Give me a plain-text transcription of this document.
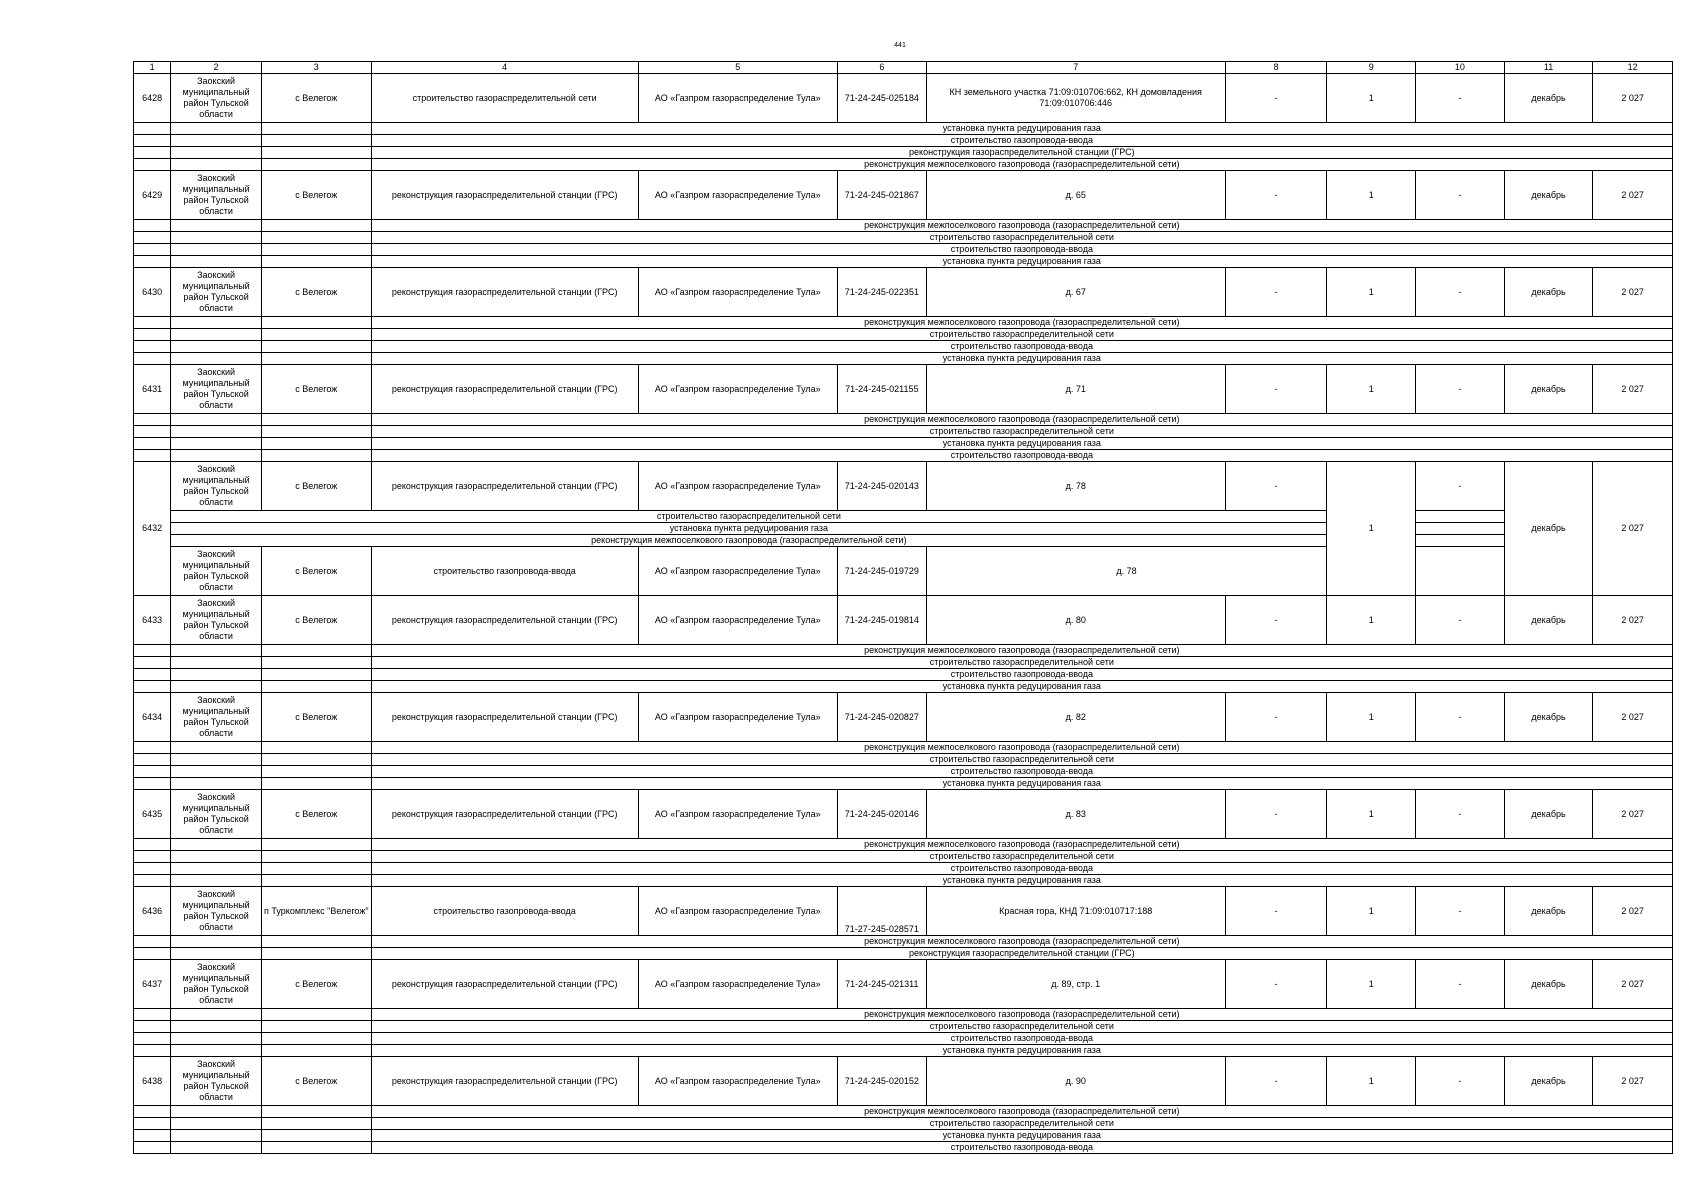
441
1	2	3	4	5	6	7	8	9	10	11	12
6428	Заокский муниципальный район Тульской области	с Велегож	строительство газораспределительной сети	АО «Газпром газораспределение Тула»	71-24-245-025184	КН земельного участка 71:09:010706:662, КН домовладения 71:09:010706:446	-	1	-	декабрь	2 027
			установка пункта редуцирования газа								
			строительство газопровода-ввода								
			реконструкция газораспределительной станции (ГРС)								
			реконструкция межпоселкового газопровода (газораспределительной сети)								
6429	Заокский муниципальный район Тульской области	с Велегож	реконструкция газораспределительной станции (ГРС)	АО «Газпром газораспределение Тула»	71-24-245-021867	д. 65	-	1	-	декабрь	2 027
			реконструкция межпоселкового газопровода (газораспределительной сети)								
			строительство газораспределительной сети								
			строительство газопровода-ввода								
			установка пункта редуцирования газа								
6430	Заокский муниципальный район Тульской области	с Велегож	реконструкция газораспределительной станции (ГРС)	АО «Газпром газораспределение Тула»	71-24-245-022351	д. 67	-	1	-	декабрь	2 027
			реконструкция межпоселкового газопровода (газораспределительной сети)								
			строительство газораспределительной сети								
			строительство газопровода-ввода								
			установка пункта редуцирования газа								
6431	Заокский муниципальный район Тульской области	с Велегож	реконструкция газораспределительной станции (ГРС)	АО «Газпром газораспределение Тула»	71-24-245-021155	д. 71	-	1	-	декабрь	2 027
			реконструкция межпоселкового газопровода (газораспределительной сети)								
			строительство газораспределительной сети								
			установка пункта редуцирования газа								
			строительство газопровода-ввода								
6432	Заокский муниципальный район Тульской области	с Велегож	реконструкция газораспределительной станции (ГРС)	АО «Газпром газораспределение Тула»	71-24-245-020143	д. 78	-	1	-	декабрь	2 027
	строительство газораспределительной сети										
	установка пункта редуцирования газа										
	реконструкция межпоселкового газопровода (газораспределительной сети)										
	Заокский муниципальный район Тульской области	с Велегож	строительство газопровода-ввода	АО «Газпром газораспределение Тула»	71-24-245-019729	д. 78					
6433	Заокский муниципальный район Тульской области	с Велегож	реконструкция газораспределительной станции (ГРС)	АО «Газпром газораспределение Тула»	71-24-245-019814	д. 80	-	1	-	декабрь	2 027
			реконструкция межпоселкового газопровода (газораспределительной сети)								
			строительство газораспределительной сети								
			строительство газопровода-ввода								
			установка пункта редуцирования газа								
6434	Заокский муниципальный район Тульской области	с Велегож	реконструкция газораспределительной станции (ГРС)	АО «Газпром газораспределение Тула»	71-24-245-020827	д. 82	-	1	-	декабрь	2 027
			реконструкция межпоселкового газопровода (газораспределительной сети)								
			строительство газораспределительной сети								
			строительство газопровода-ввода								
			установка пункта редуцирования газа								
6435	Заокский муниципальный район Тульской области	с Велегож	реконструкция газораспределительной станции (ГРС)	АО «Газпром газораспределение Тула»	71-24-245-020146	д. 83	-	1	-	декабрь	2 027
			реконструкция межпоселкового газопровода (газораспределительной сети)								
			строительство газораспределительной сети								
			строительство газопровода-ввода								
			установка пункта редуцирования газа								
6436	Заокский муниципальный район Тульской области	п Туркомплекс "Велегож"	строительство газопровода-ввода	АО «Газпром газораспределение Тула»	71-27-245-028571	Красная гора, КНД 71:09:010717:188	-	1	-	декабрь	2 027
			реконструкция межпоселкового газопровода (газораспределительной сети)								
			реконструкция газораспределительной станции (ГРС)								
6437	Заокский муниципальный район Тульской области	с Велегож	реконструкция газораспределительной станции (ГРС)	АО «Газпром газораспределение Тула»	71-24-245-021311	д. 89, стр. 1	-	1	-	декабрь	2 027
			реконструкция межпоселкового газопровода (газораспределительной сети)								
			строительство газораспределительной сети								
			строительство газопровода-ввода								
			установка пункта редуцирования газа								
6438	Заокский муниципальный район Тульской области	с Велегож	реконструкция газораспределительной станции (ГРС)	АО «Газпром газораспределение Тула»	71-24-245-020152	д. 90	-	1	-	декабрь	2 027
			реконструкция межпоселкового газопровода (газораспределительной сети)								
			строительство газораспределительной сети								
			установка пункта редуцирования газа								
			строительство газопровода-ввода								
